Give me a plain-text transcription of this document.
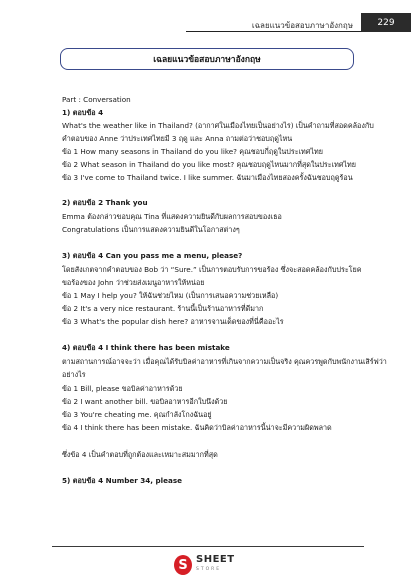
เฉลยแนวข้อสอบภาษาอังกฤษ	229
เฉลยแนวข้อสอบภาษาอังกฤษ
Part : Conversation
1) ตอบข้อ 4
What's the weather like in Thailand? (อากาศในเมืองไทยเป็นอย่างไร) เป็นคำถามที่สอดคล้องกับ
คำตอบของ Anne ว่าประเทศไทยมี 3 ฤดู และ Anna ถามต่อว่าชอบฤดูไหน
ข้อ 1 How many seasons in Thailand do you like? คุณชอบกี่ฤดูในประเทศไทย
ข้อ 2 What season in Thailand do you like most? คุณชอบฤดูไหนมากที่สุดในประเทศไทย
ข้อ 3 I've come to Thailand twice. I like summer. ฉันมาเมืองไทยสองครั้งฉันชอบฤดูร้อน
2) ตอบข้อ 2 Thank you
Emma ต้องกล่าวขอบคุณ Tina ที่แสดงความยินดีกับผลการสอบของเธอ
Congratulations เป็นการแสดงความยินดีในโอกาสต่างๆ
3) ตอบข้อ 4 Can you pass me a menu, please?
โดยสังเกตจากคำตอบของ Bob ว่า “Sure.” เป็นการตอบรับการขอร้อง ซึ่งจะสอดคล้องกับประโยค
ขอร้องของ John ว่าช่วยส่งเมนูอาหารให้หน่อย
ข้อ 1 May I help you? ให้ฉันช่วยไหม (เป็นการเสนอความช่วยเหลือ)
ข้อ 2 It's a very nice restaurant. ร้านนี้เป็นร้านอาหารที่ดีมาก
ข้อ 3 What's the popular dish here? อาหารจานเด็ดของที่นี่คืออะไร
4) ตอบข้อ 4 I think there has been mistake
ตามสถานการณ์อาจจะว่า เมื่อคุณได้รับบิลค่าอาหารที่เกินจากความเป็นจริง คุณควรพูดกับพนักงานเสิร์ฟว่า
อย่างไร
ข้อ 1 Bill, please ขอบิลค่าอาหารด้วย
ข้อ 2 I want another bill. ขอบิลอาหารอีกใบนึงด้วย
ข้อ 3 You're cheating me. คุณกำลังโกงฉันอยู่
ข้อ 4 I think there has been mistake. ฉันคิดว่าบิลค่าอาหารนี้น่าจะมีความผิดพลาด
ซึ่งข้อ 4 เป็นคำตอบที่ถูกต้องและเหมาะสมมากที่สุด
5) ตอบข้อ 4 Number 34, please
S SHEET
STORE
